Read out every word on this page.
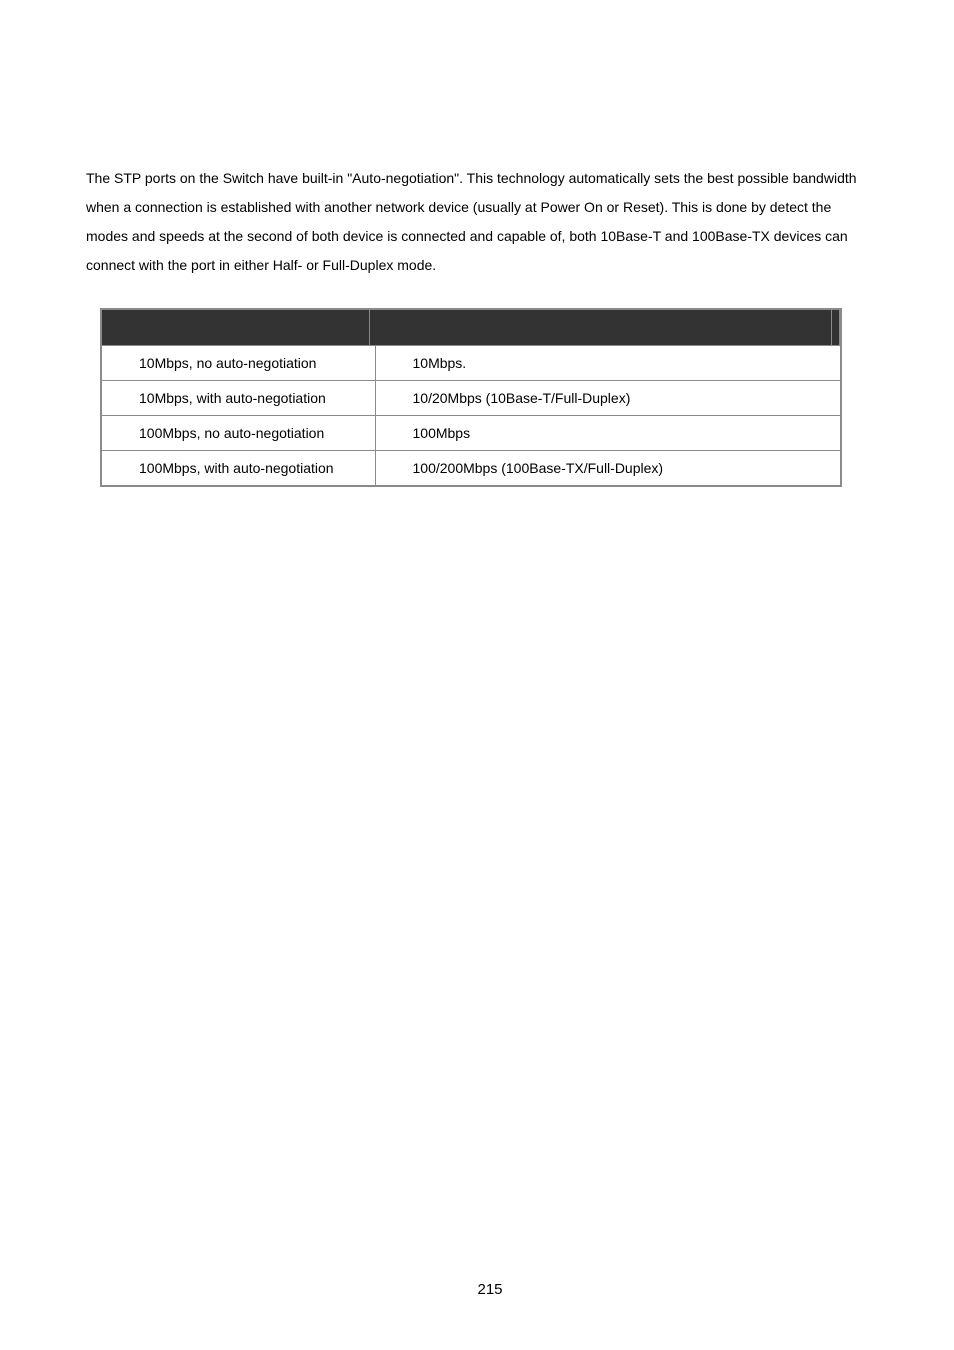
The STP ports on the Switch have built-in "Auto-negotiation". This technology automatically sets the best possible bandwidth when a connection is established with another network device (usually at Power On or Reset). This is done by detect the modes and speeds at the second of both device is connected and capable of, both 10Base-T and 100Base-TX devices can connect with the port in either Half- or Full-Duplex mode.

10Mbps, no auto-negotiation	10Mbps.
10Mbps, with auto-negotiation	10/20Mbps (10Base-T/Full-Duplex)
100Mbps, no auto-negotiation	100Mbps
100Mbps, with auto-negotiation	100/200Mbps (100Base-TX/Full-Duplex)
215
